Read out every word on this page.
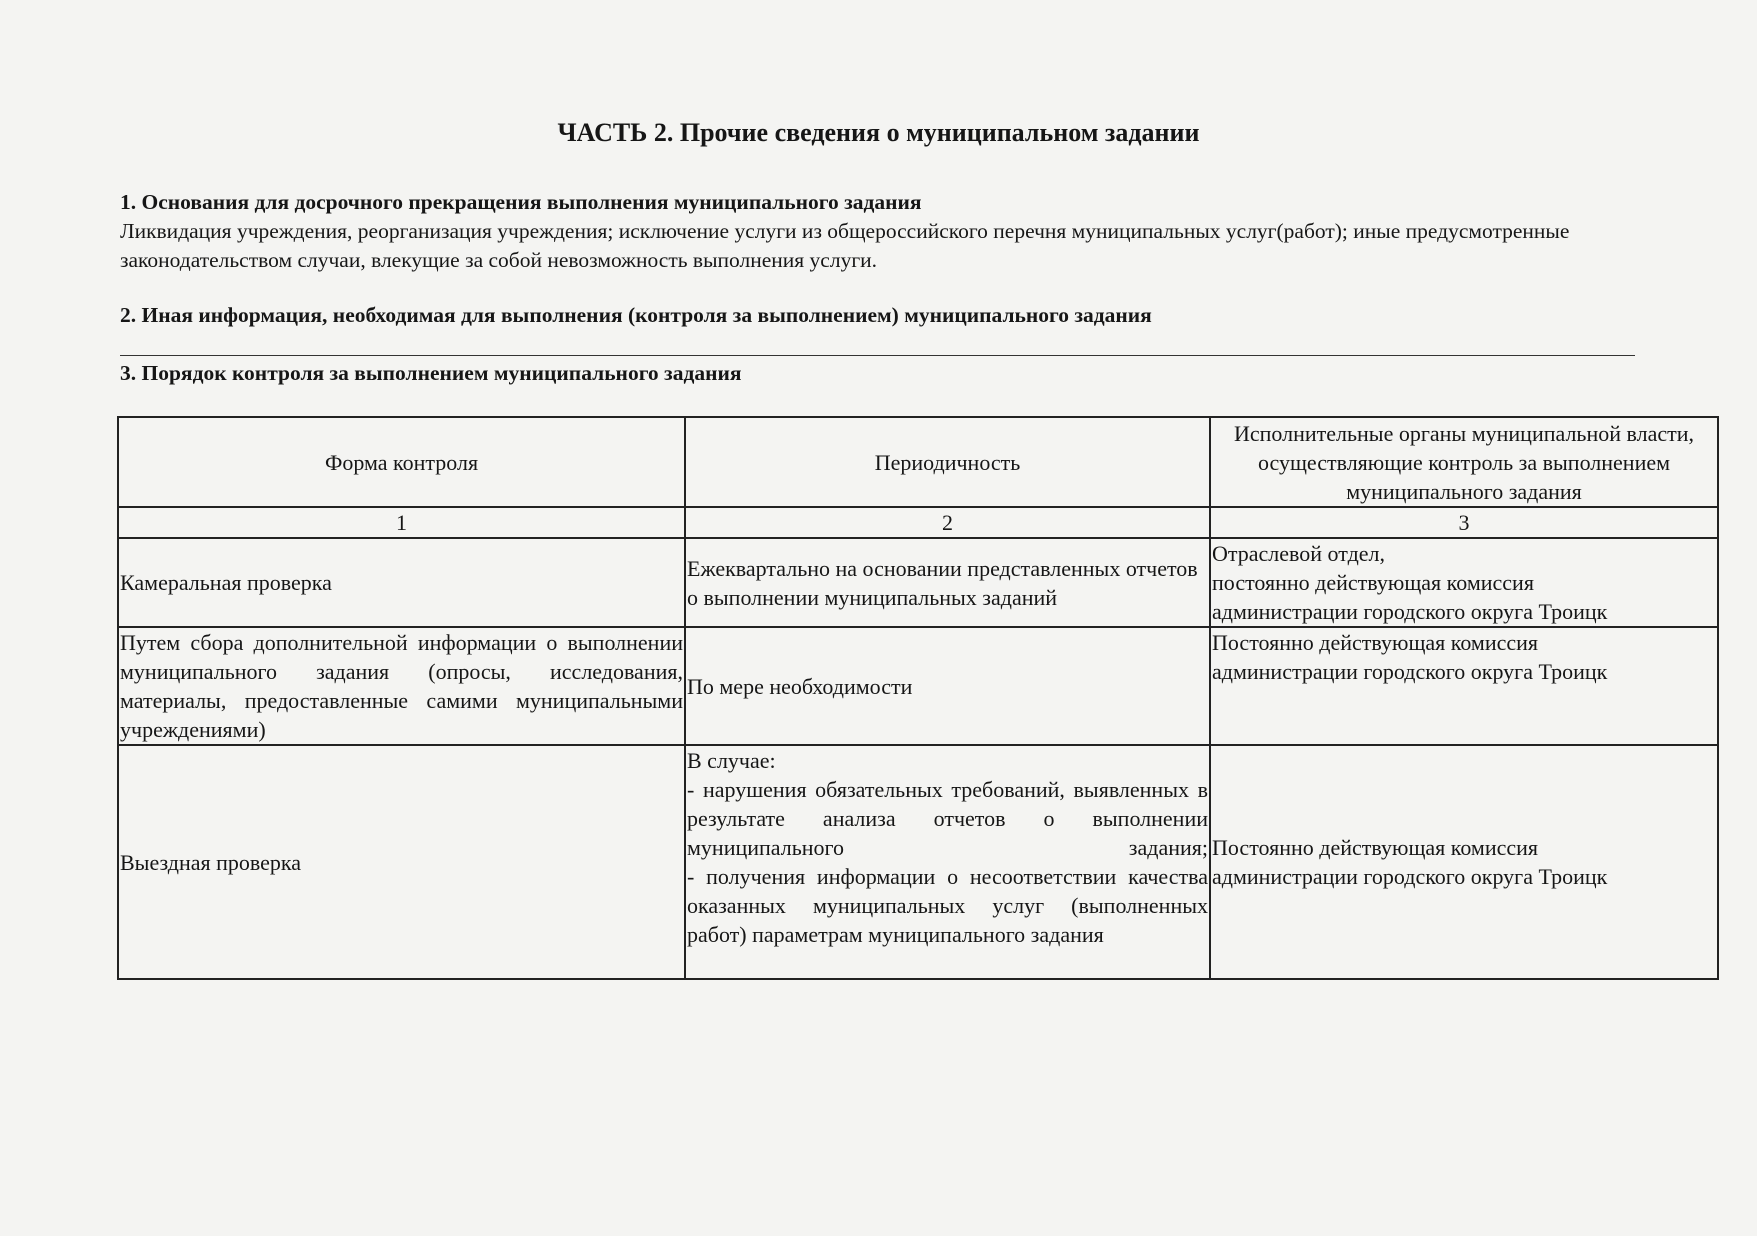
ЧАСТЬ 2. Прочие сведения о муниципальном задании
1. Основания для досрочного прекращения выполнения муниципального задания
Ликвидация учреждения, реорганизация учреждения; исключение услуги из общероссийского перечня муниципальных услуг(работ); иные предусмотренные законодательством случаи, влекущие за собой невозможность выполнения услуги.
2. Иная информация, необходимая для выполнения (контроля за выполнением) муниципального задания
3. Порядок контроля за выполнением муниципального задания
Форма контроля	Периодичность	Исполнительные органы муниципальной власти, осуществляющие контроль за выполнением муниципального задания
1	2	3
Камеральная проверка	Ежеквартально на основании представленных отчетов о выполнении муниципальных заданий	Отраслевой отдел,
постоянно действующая комиссия
администрации городского округа Троицк

Путем сбора дополнительной информации о выполнении муниципального задания (опросы, исследования, материалы, предоставленные самими муниципальными учреждениями)	По мере необходимости	Постоянно действующая комиссия
администрации городского округа Троицк

Выездная проверка	В случае:
- нарушения обязательных требований, выявленных в результате анализа отчетов о выполнении муниципального задания;
- получения информации о несоответствии качества оказанных муниципальных услуг (выполненных работ) параметрам муниципального задания	Постоянно действующая комиссия
администрации городского округа Троицк
